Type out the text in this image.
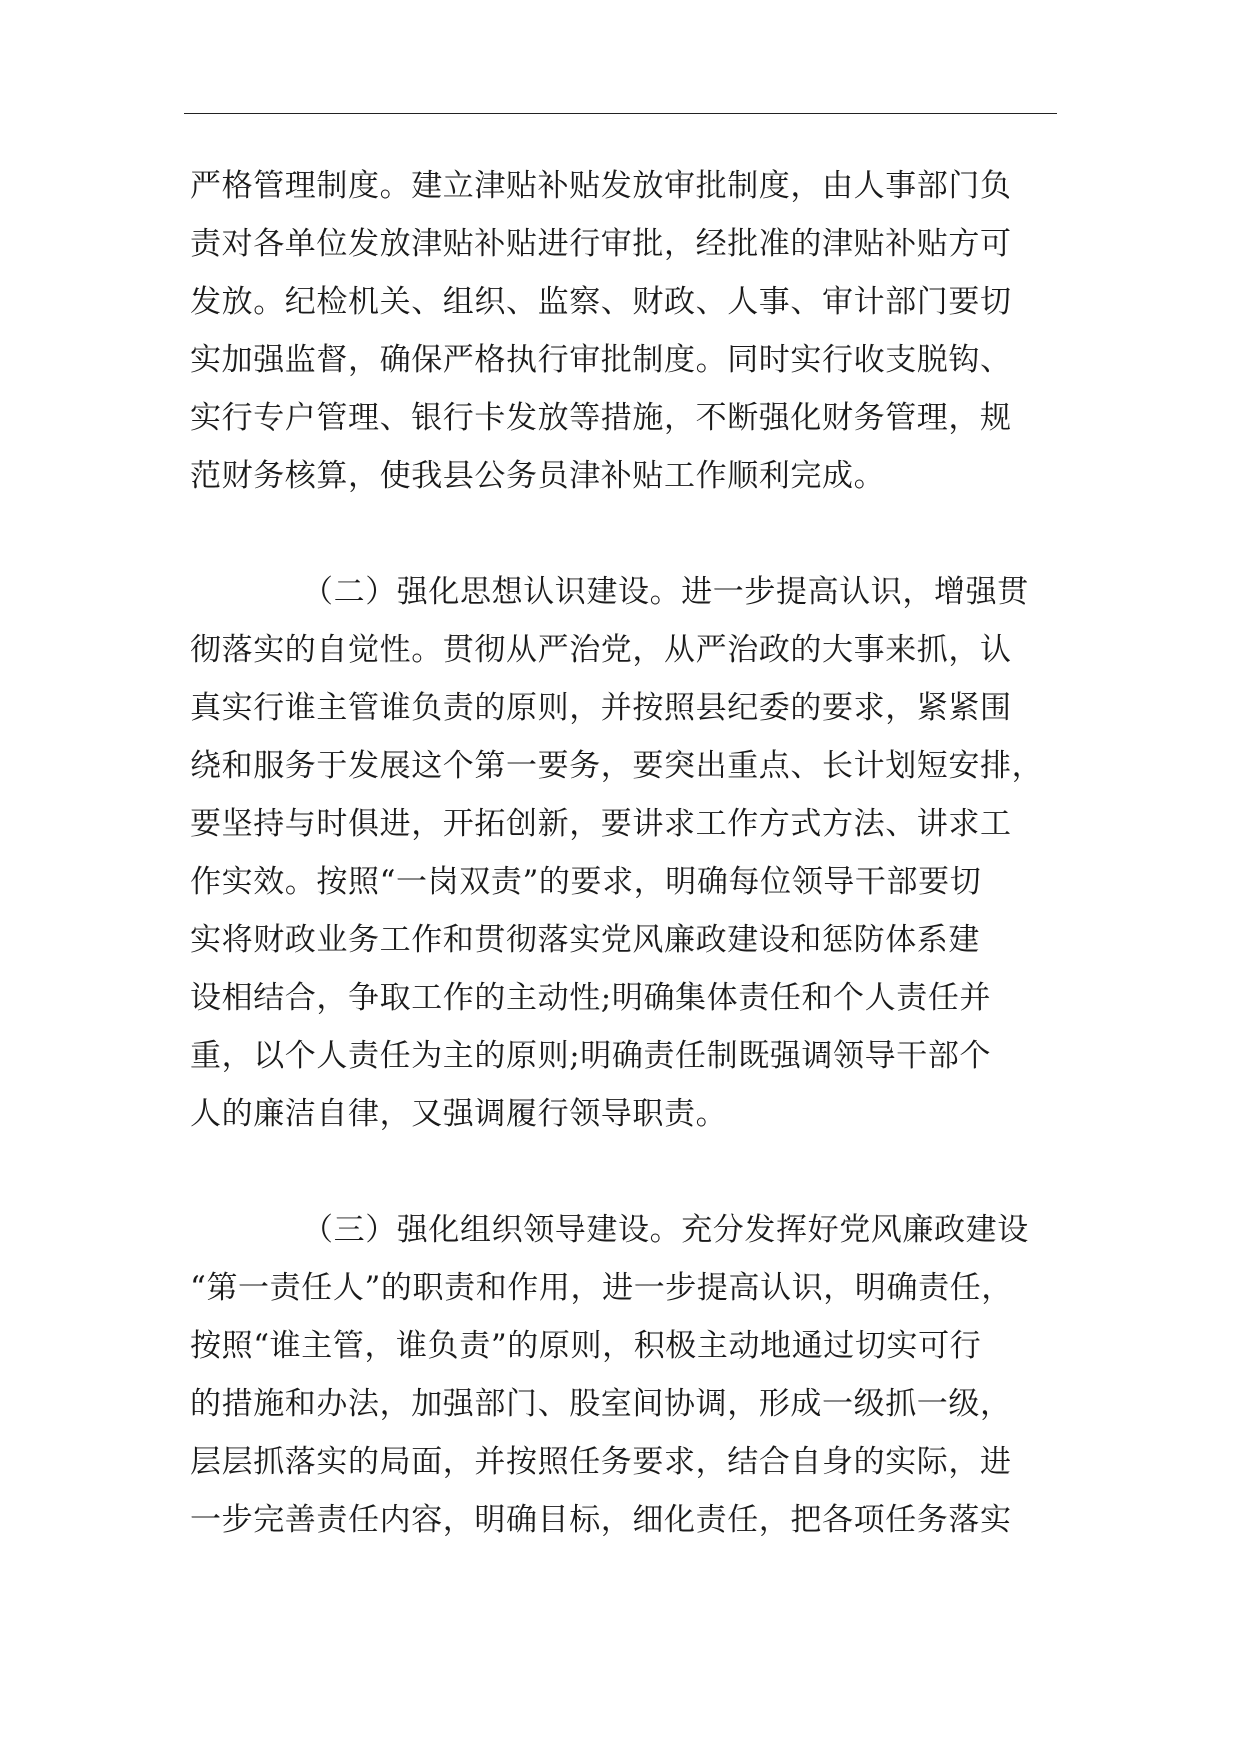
严格管理制度。建立津贴补贴发放审批制度，由人事部门负
责对各单位发放津贴补贴进行审批，经批准的津贴补贴方可
发放。纪检机关、组织、监察、财政、人事、审计部门要切
实加强监督，确保严格执行审批制度。同时实行收支脱钩、
实行专户管理、银行卡发放等措施，不断强化财务管理，规
范财务核算，使我县公务员津补贴工作顺利完成。
（二）强化思想认识建设。进一步提高认识，增强贯
彻落实的自觉性。贯彻从严治党，从严治政的大事来抓，认
真实行谁主管谁负责的原则，并按照县纪委的要求，紧紧围
绕和服务于发展这个第一要务，要突出重点、长计划短安排，
要坚持与时俱进，开拓创新，要讲求工作方式方法、讲求工
作实效。按照“一岗双责”的要求，明确每位领导干部要切
实将财政业务工作和贯彻落实党风廉政建设和惩防体系建
设相结合，争取工作的主动性;明确集体责任和个人责任并
重，以个人责任为主的原则;明确责任制既强调领导干部个
人的廉洁自律，又强调履行领导职责。
（三）强化组织领导建设。充分发挥好党风廉政建设
“第一责任人”的职责和作用，进一步提高认识，明确责任，
按照“谁主管，谁负责”的原则，积极主动地通过切实可行
的措施和办法，加强部门、股室间协调，形成一级抓一级，
层层抓落实的局面，并按照任务要求，结合自身的实际，进
一步完善责任内容，明确目标，细化责任，把各项任务落实
